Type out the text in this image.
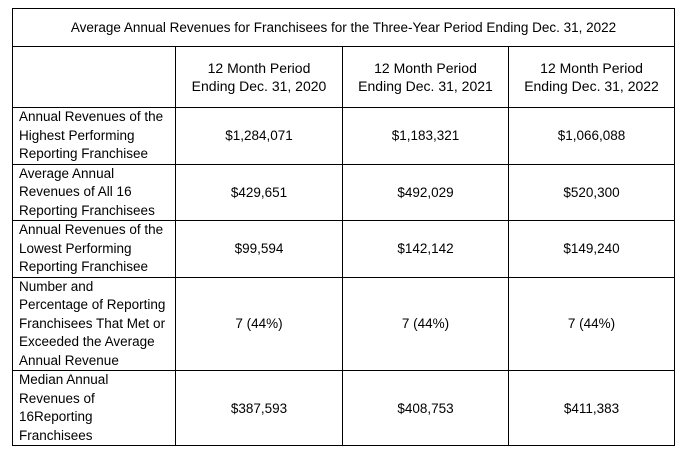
Average Annual Revenues for Franchisees for the Three-Year Period Ending Dec. 31, 2022			
	12 Month Period
Ending Dec. 31, 2020	12 Month Period
Ending Dec. 31, 2021	12 Month Period
Ending Dec. 31, 2022
Annual Revenues of the
Highest Performing
Reporting Franchisee	$1,284,071	$1,183,321	$1,066,088
Average Annual
Revenues of All 16
Reporting Franchisees	$429,651	$492,029	$520,300
Annual Revenues of the
Lowest Performing
Reporting Franchisee	$99,594	$142,142	$149,240
Number and
Percentage of Reporting
Franchisees That Met or
Exceeded the Average
Annual Revenue	7 (44%)	7 (44%)	7 (44%)
Median Annual
Revenues of
16Reporting
Franchisees	$387,593	$408,753	$411,383
